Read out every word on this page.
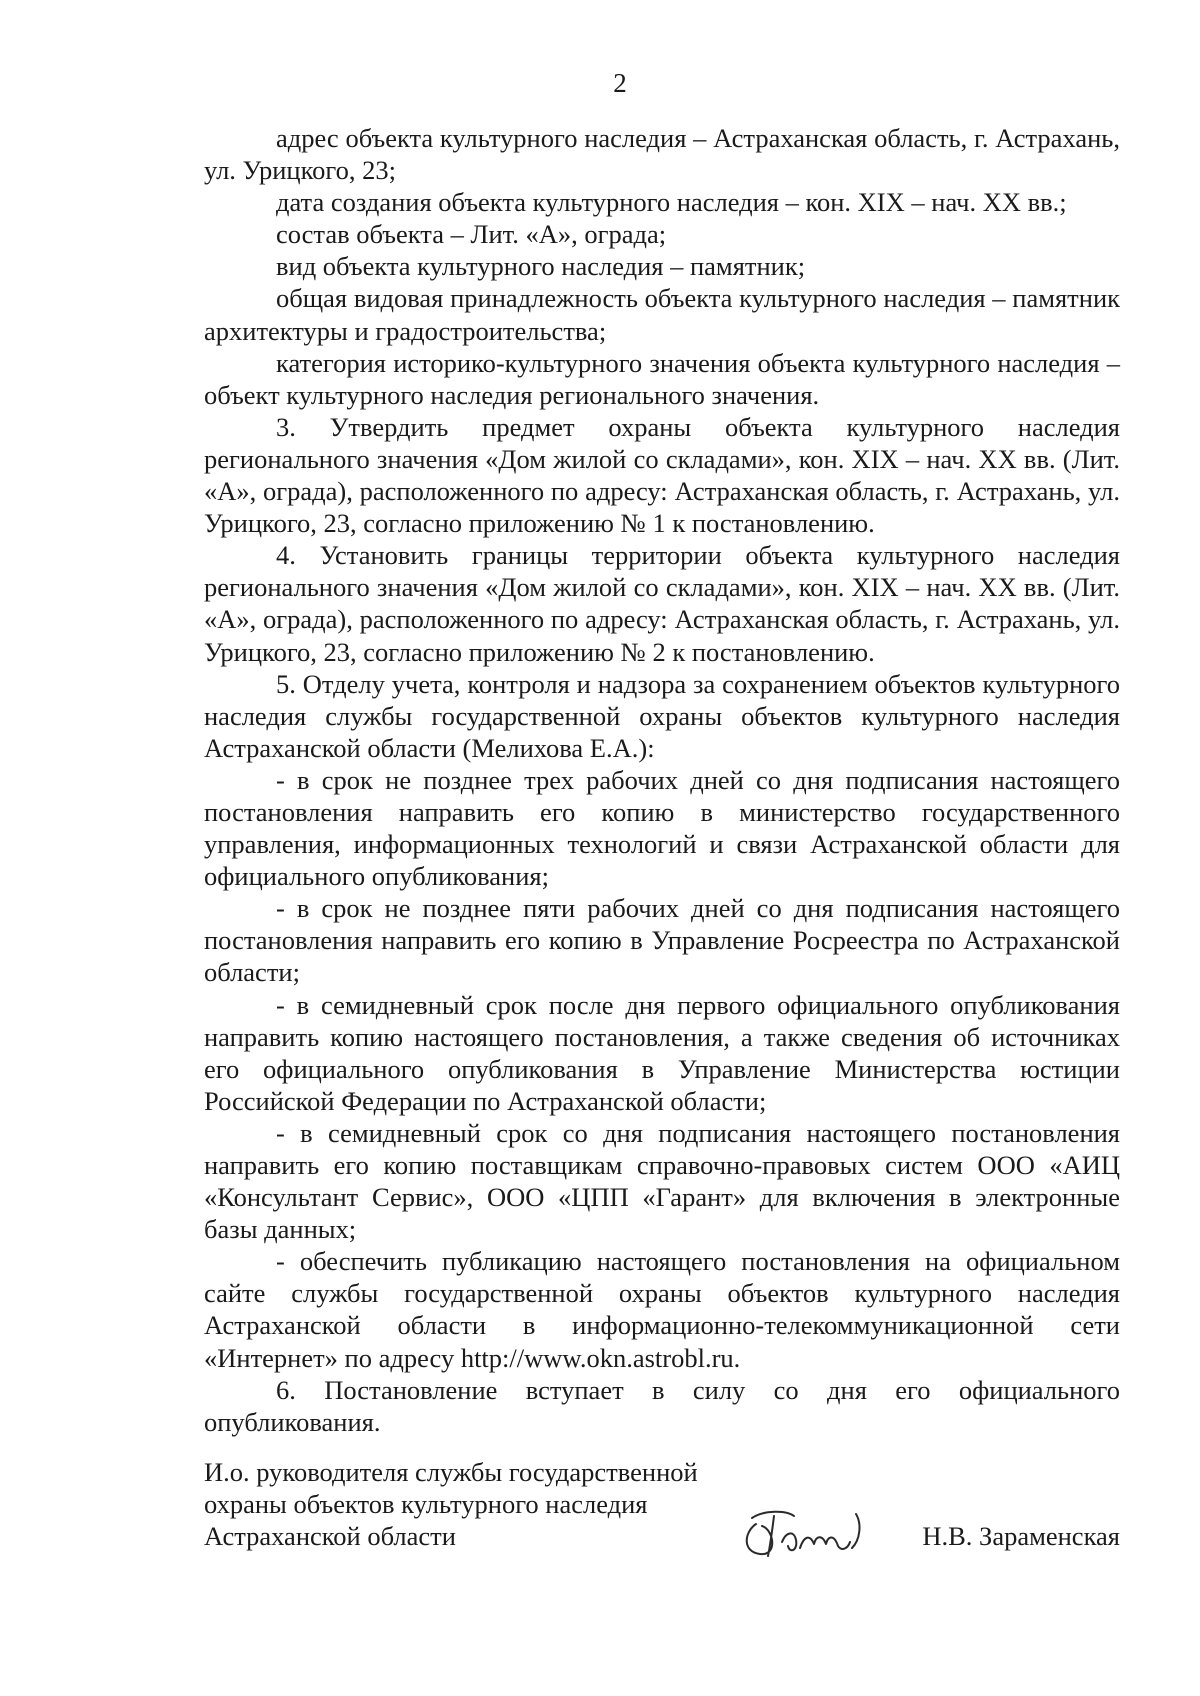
2

адрес объекта культурного наследия – Астраханская область, г. Астрахань, ул. Урицкого, 23;

дата создания объекта культурного наследия – кон. XIX – нач. XX вв.;

состав объекта – Лит. «А», ограда;

вид объекта культурного наследия – памятник;

общая видовая принадлежность объекта культурного наследия – памятник архитектуры и градостроительства;

категория историко-культурного значения объекта культурного наследия – объект культурного наследия регионального значения.

3. Утвердить предмет охраны объекта культурного наследия регионального значения «Дом жилой со складами», кон. XIX – нач. XX вв. (Лит. «А», ограда), расположенного по адресу: Астраханская область, г. Астрахань, ул. Урицкого, 23, согласно приложению № 1 к постановлению.

4. Установить границы территории объекта культурного наследия регионального значения «Дом жилой со складами», кон. XIX – нач. XX вв. (Лит. «А», ограда), расположенного по адресу: Астраханская область, г. Астрахань, ул. Урицкого, 23, согласно приложению № 2 к постановлению.

5. Отделу учета, контроля и надзора за сохранением объектов культурного наследия службы государственной охраны объектов культурного наследия Астраханской области (Мелихова Е.А.):

- в срок не позднее трех рабочих дней со дня подписания настоящего постановления направить его копию в министерство государственного управления, информационных технологий и связи Астраханской области для официального опубликования;

- в срок не позднее пяти рабочих дней со дня подписания настоящего постановления направить его копию в Управление Росреестра по Астраханской области;

- в семидневный срок после дня первого официального опубликования направить копию настоящего постановления, а также сведения об источниках его официального опубликования в Управление Министерства юстиции Российской Федерации по Астраханской области;

- в семидневный срок со дня подписания настоящего постановления направить его копию поставщикам справочно-правовых систем ООО «АИЦ «Консультант Сервис», ООО «ЦПП «Гарант» для включения в электронные базы данных;

- обеспечить публикацию настоящего постановления на официальном сайте службы государственной охраны объектов культурного наследия Астраханской области в информационно-телекоммуникационной сети «Интернет» по адресу http://www.okn.astrobl.ru.

6. Постановление вступает в силу со дня его официального опубликования.

И.о. руководителя службы государственной
охраны объектов культурного наследия
Астраханской области	Н.В. Зараменская
